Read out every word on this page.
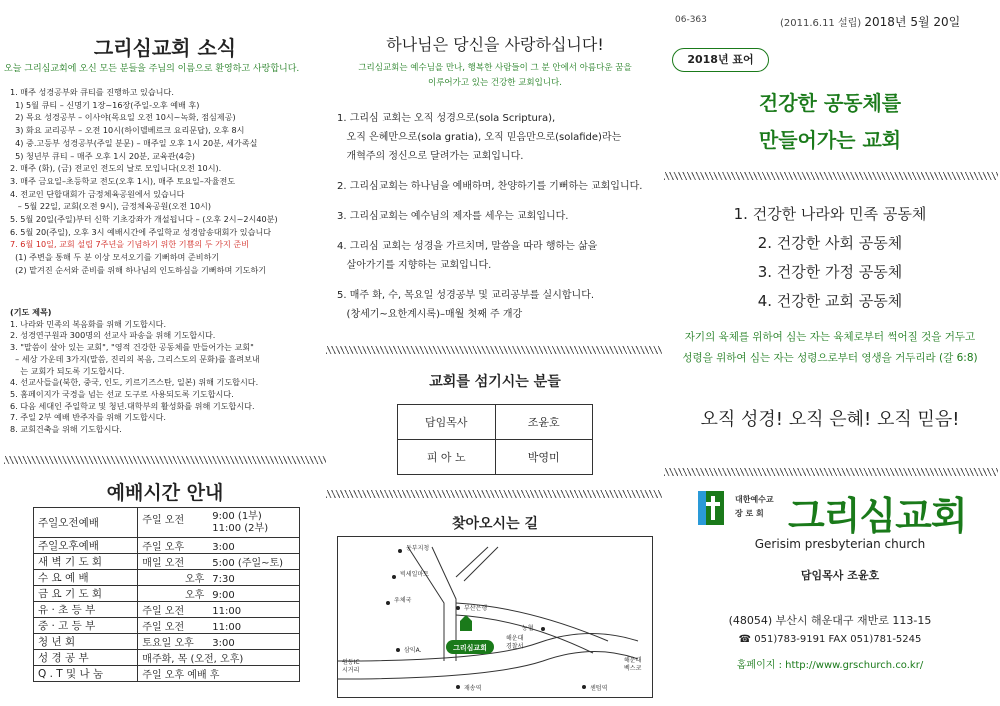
그리심교회 소식
오늘 그리심교회에 오신 모든 분들을 주님의 이름으로 환영하고 사랑합니다.
1. 매주 성경공부와 큐티를 진행하고 있습니다.
1) 5월 큐티 – 신명기 1장~16장(주일-오후 예배 후)
2) 목요 성경공부 – 이사야(목요일 오전 10시~녹화, 점심제공)
3) 화요 교리공부 – 오전 10시(하이델베르크 요리문답), 오후 8시
4) 중.고등부 성경공부(주일 분문) – 매주일 오후 1시 20분, 세가족실
5) 청년부 큐티 – 매주 오후 1시 20분, 교육관(4층)
2. 매주 (화), (금) 전교인 전도의 날로 모입니다(오전 10시).
3. 매주 금요일–초등학교 전도(오후 1시), 매주 토요일–자율전도
4. 전교인 단합대회가 금정체육공원에서 있습니다
– 5월 22일, 교회(오전 9시), 금정체육공원(오전 10시)
5. 5월 20일(주일)부터 신학 기초강좌가 개설됩니다 – (오후 2시~2시40분)
6. 5월 20(주일), 오후 3시 예배시간에 주일학교 성경암송대회가 있습니다
7. 6월 10일, 교회 설립 7주년을 기념하기 위한 기쁨의 두 가지 준비
(1) 주변을 통해 두 분 이상 모셔오기를 기뻐하며 준비하기
(2) 맡겨진 순서와 준비를 위해 하나님의 인도하심을 기뻐하며 기도하기
(기도 제목)
1. 나라와 민족의 복음화를 위해 기도합시다.
2. 성경연구원과 300명의 선교사 파송을 위해 기도합시다.
3. "말씀이 살아 있는 교회", "영적 건강한 공동체를 만들어가는 교회"
– 세상 가운데 3가지(말씀, 진리의 복음, 그리스도의 문화)를 흘려보내
는 교회가 되도록 기도합시다.
4. 선교사들을(북한, 중국, 인도, 키르기즈스탄, 일본) 위해 기도합시다.
5. 홈페이지가 국경을 넘는 선교 도구로 사용되도록 기도합시다.
6. 다음 세대인 주일학교 및 청년.대학부의 활성화를 위해 기도합시다.
7. 주일 2부 예배 반주자를 위해 기도합시다.
8. 교회건축을 위해 기도합시다.
예배시간 안내
주일오전예배	주일 오전 9:00 (1부)
11:00 (2부)

주일오후예배	주일 오후 3:00
새 벽 기 도 회	매일 오전 5:00 (주일~토)
수 요 예 배	오후 7:30
금 요 기 도 회	오후 9:00
유 · 초 등 부	주일 오전 11:00
중 · 고 등 부	주일 오전 11:00
청 년 회	토요일 오후 3:00
성 경 공 부	매주화, 목 (오전, 오후)
Q . T 및 나 눔	주일 오후 예배 후
하나님은 당신을 사랑하십니다!
그리심교회는 예수님을 만나, 행복한 사람들이 그 분 안에서 아름다운 꿈을
이루어가고 있는 건강한 교회입니다.
1. 그리심 교회는 오직 성경으로(sola Scriptura),
오직 은혜만으로(sola gratia), 오직 믿음만으로(solafide)라는
개혁주의 정신으로 달려가는 교회입니다.
2. 그리심교회는 하나님을 예배하며, 찬양하기를 기뻐하는 교회입니다.
3. 그리심교회는 예수님의 제자를 세우는 교회입니다.
4. 그리심 교회는 성경을 가르치며, 말씀을 따라 행하는 삶을
살아가기를 지향하는 교회입니다.
5. 매주 화, 수, 목요일 성경공부 및 교리공부를 실시합니다.
(창세기~요한계시록)–매월 첫째 주 개강
교회를 섬기시는 분들
담임목사	조윤호
피 아 노	박영미
찾아오시는 길
동부지청
빅세일마트
우체국
부산은행
농협
해운대
경찰서
삼익A.	그리심교회
원동IC
시거리
재송역	센텀역
해운대
벡스코
06-363	(2011.6.11 설립) 2018년 5월 20일
2018년 표어
건강한 공동체를
만들어가는 교회
1. 건강한 나라와 민족 공동체
2. 건강한 사회 공동체
3. 건강한 가정 공동체
4. 건강한 교회 공동체
자기의 육체를 위하여 심는 자는 육체로부터 썩어질 것을 거두고
성령을 위하여 심는 자는 성령으로부터 영생을 거두리라 (갈 6:8)
오직 성경! 오직 은혜! 오직 믿음!
대한예수교
장 로 회 그리심교회
Gerisim presbyterian church
담임목사 조윤호
(48054) 부산시 해운대구 재반로 113-15
☎ 051)783-9191 FAX 051)781-5245
홈페이지 : http://www.grschurch.co.kr/
